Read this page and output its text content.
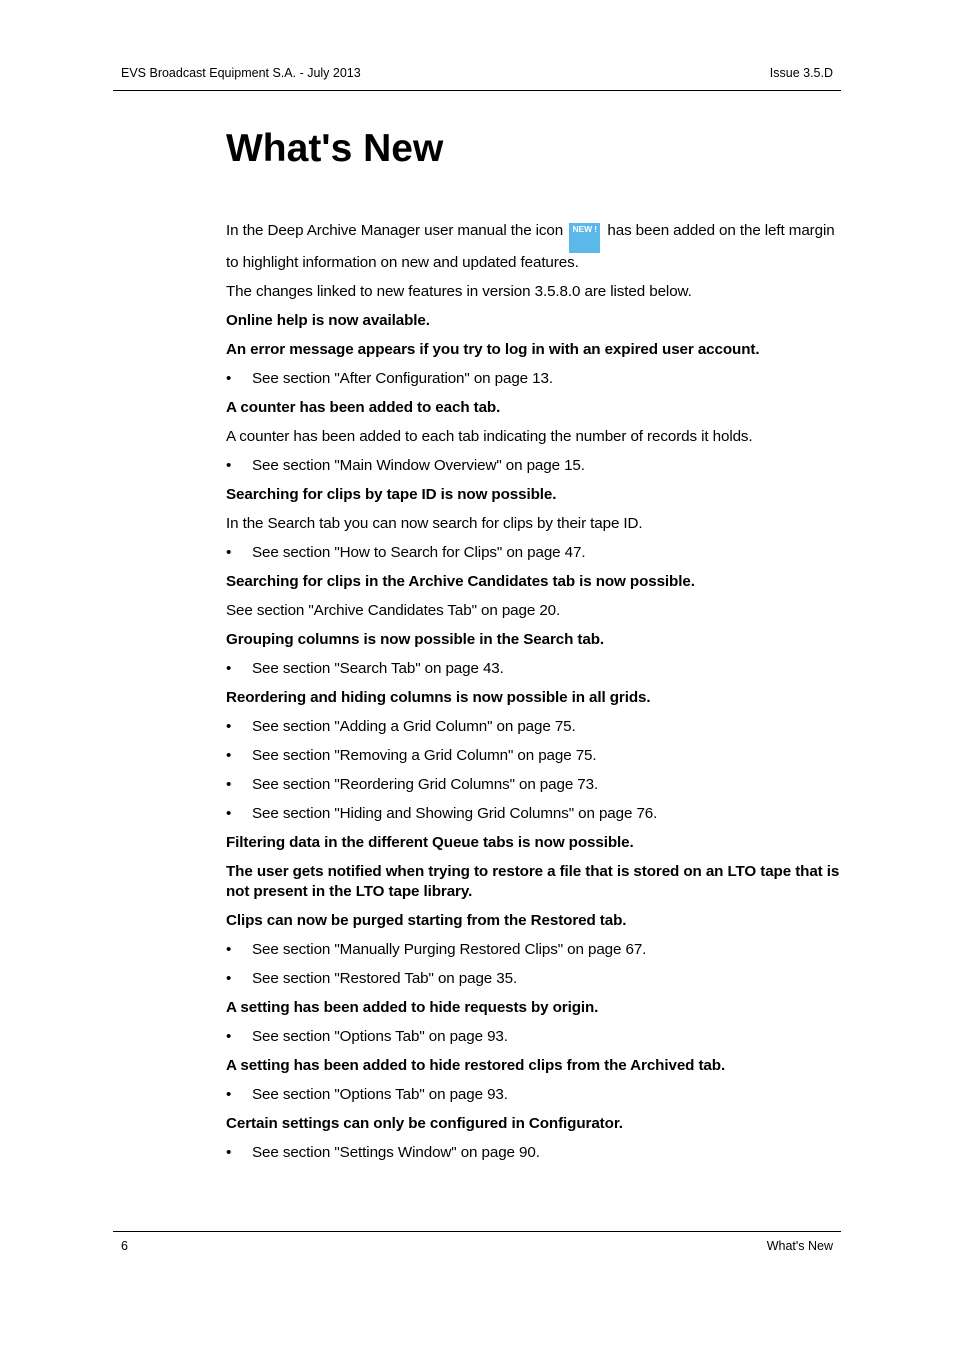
EVS Broadcast Equipment S.A. - July 2013	Issue 3.5.D
What's New

In the Deep Archive Manager user manual the icon NEW ! has been added on the left margin to highlight information on new and updated features.

The changes linked to new features in version 3.5.8.0 are listed below.

Online help is now available.

An error message appears if you try to log in with an expired user account.

• See section "After Configuration" on page 13.

A counter has been added to each tab.

A counter has been added to each tab indicating the number of records it holds.

• See section "Main Window Overview" on page 15.

Searching for clips by tape ID is now possible.

In the Search tab you can now search for clips by their tape ID.

• See section "How to Search for Clips" on page 47.

Searching for clips in the Archive Candidates tab is now possible.

See section "Archive Candidates Tab" on page 20.

Grouping columns is now possible in the Search tab.

• See section "Search Tab" on page 43.

Reordering and hiding columns is now possible in all grids.

• See section "Adding a Grid Column" on page 75.

• See section "Removing a Grid Column" on page 75.

• See section "Reordering Grid Columns" on page 73.

• See section "Hiding and Showing Grid Columns" on page 76.

Filtering data in the different Queue tabs is now possible.

The user gets notified when trying to restore a file that is stored on an LTO tape that is not present in the LTO tape library.

Clips can now be purged starting from the Restored tab.

• See section "Manually Purging Restored Clips" on page 67.

• See section "Restored Tab" on page 35.

A setting has been added to hide requests by origin.

• See section "Options Tab" on page 93.

A setting has been added to hide restored clips from the Archived tab.

• See section "Options Tab" on page 93.

Certain settings can only be configured in Configurator.

• See section "Settings Window" on page 90.

6	What's New
